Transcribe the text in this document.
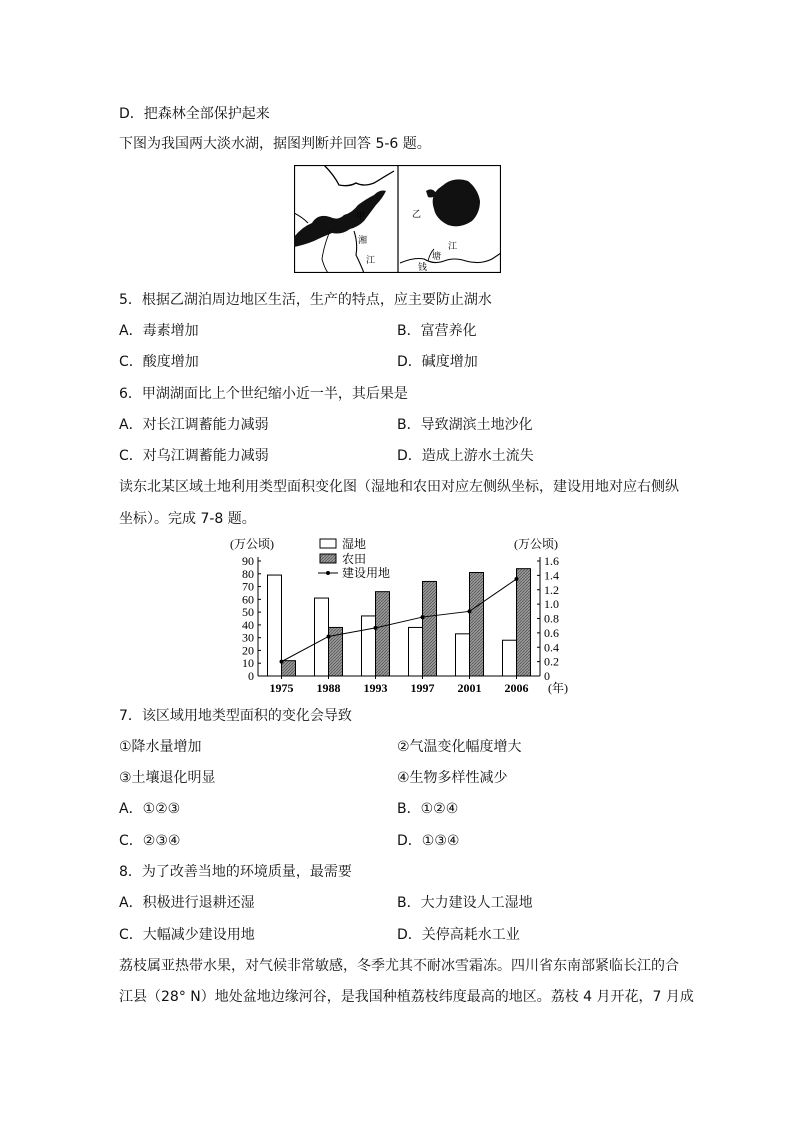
D．把森林全部保护起来
下图为我国两大淡水湖，据图判断并回答 5-6 题。
甲
湘
江
乙
江
塘
钱
5．根据乙湖泊周边地区生活，生产的特点，应主要防止湖水
A．毒素增加	B．富营养化
C．酸度增加	D．碱度增加
6．甲湖湖面比上个世纪缩小近一半，其后果是
A．对长江调蓄能力减弱	B．导致湖滨土地沙化
C．对乌江调蓄能力减弱	D．造成上游水土流失
读东北某区域土地利用类型面积变化图（湿地和农田对应左侧纵坐标，建设用地对应右侧纵
坐标）。完成 7-8 题。
(万公顷)	(万公顷)
湿地
农田
建设用地
0
10
20
30
40
50
60
70
80
90
0
0.2
0.4
0.6
0.8
1.0
1.2
1.4
1.6
1975 1988 1993 1997 2001 2006 (年)
7．该区域用地类型面积的变化会导致
①降水量增加	②气温变化幅度增大
③土壤退化明显	④生物多样性减少
A．①②③	B．①②④
C．②③④	D．①③④
8．为了改善当地的环境质量，最需要
A．积极进行退耕还湿	B．大力建设人工湿地
C．大幅减少建设用地	D．关停高耗水工业
荔枝属亚热带水果，对气候非常敏感，冬季尤其不耐冰雪霜冻。四川省东南部紧临长江的合
江县（28° N）地处盆地边缘河谷，是我国种植荔枝纬度最高的地区。荔枝 4 月开花，7 月成
